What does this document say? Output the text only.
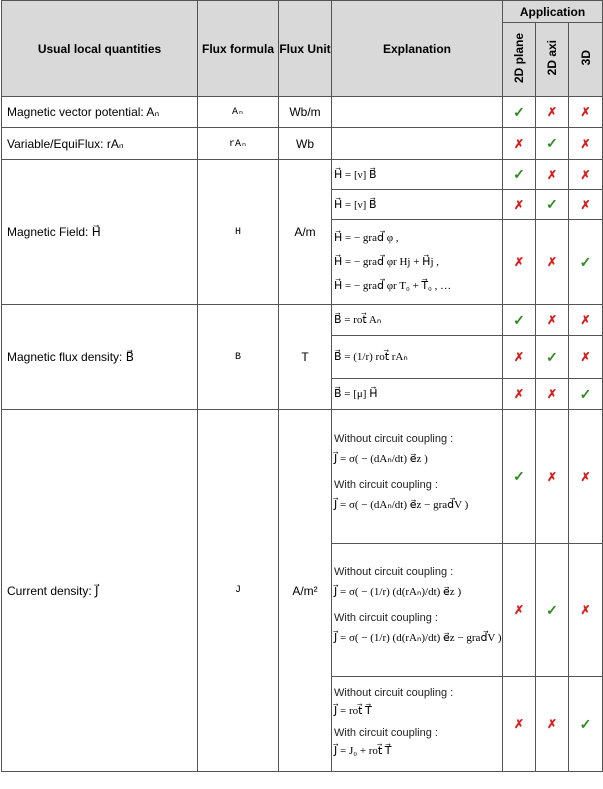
Usual local quantities	Flux formula	Flux Unit	Explanation	Application		
				2D plane	2D axi	3D
Magnetic vector potential: Aₙ	Aₙ	Wb/m		✓	✗	✗
Variable/EquiFlux: rAₙ	rAₙ	Wb		✗	✓	✗
Magnetic Field: H⃗	H	A/m	H⃗ = [ν] B⃗	✓	✗	✗

			H⃗ = [ν] B⃗	✗	✓	✗

			H⃗ = − grad⃗ φ ,
H⃗ = − grad⃗ φr Hj + H⃗j ,
H⃗ = − grad⃗ φr T₀ + T⃗₀ , …	✗	✗	✓
Magnetic flux density: B⃗	B	T	B⃗ = rot⃗ Aₙ	✓	✗	✗

			B⃗ = (1/r) rot⃗ rAₙ	✗	✓	✗

			B⃗ = [μ] H⃗	✗	✗	✓
Current density: J⃗	J	A/m²	Without circuit coupling :
J⃗ = σ( − (dAₙ/dt) e⃗z )
With circuit coupling :
J⃗ = σ( − (dAₙ/dt) e⃗z − grad⃗V )	✓	✗	✗

			Without circuit coupling :
J⃗ = σ( − (1/r) (d(rAₙ)/dt) e⃗z )
With circuit coupling :
J⃗ = σ( − (1/r) (d(rAₙ)/dt) e⃗z − grad⃗V )	✗	✓	✗

			Without circuit coupling :
J⃗ = rot⃗ T⃗
With circuit coupling :
J⃗ = J₀ + rot⃗ T⃗	✗	✗	✓
